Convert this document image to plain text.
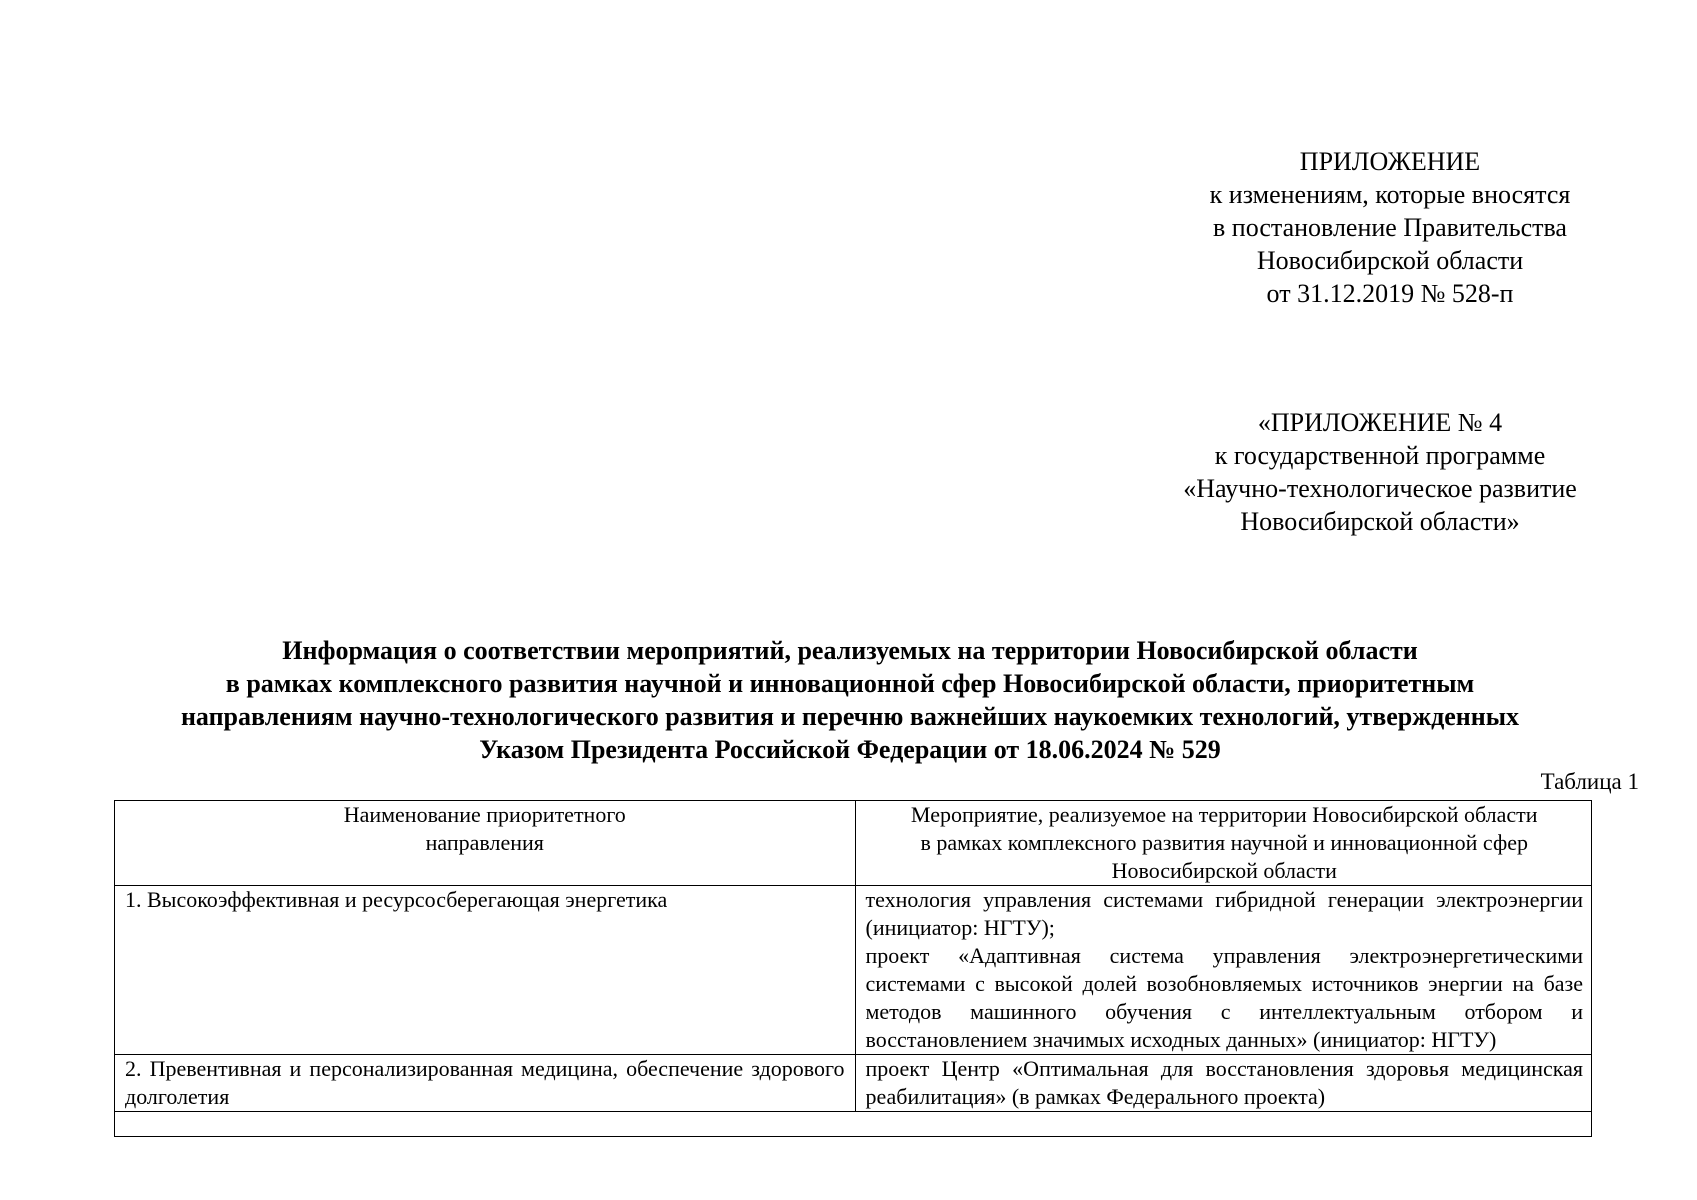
ПРИЛОЖЕНИЕ
к изменениям, которые вносятся
в постановление Правительства
Новосибирской области
от 31.12.2019 № 528-п
«ПРИЛОЖЕНИЕ № 4
к государственной программе
«Научно-технологическое развитие
Новосибирской области»
Информация о соответствии мероприятий, реализуемых на территории Новосибирской области
в рамках комплексного развития научной и инновационной сфер Новосибирской области, приоритетным
направлениям научно-технологического развития и перечню важнейших наукоемких технологий, утвержденных
Указом Президента Российской Федерации от 18.06.2024 № 529
Таблица 1
Наименование приоритетного
направления	Мероприятие, реализуемое на территории Новосибирской области
в рамках комплексного развития научной и инновационной сфер
Новосибирской области

1. Высокоэффективная и ресурсосберегающая энергетика	технология управления системами гибридной генерации электроэнергии (инициатор: НГТУ);
проект «Адаптивная система управления электроэнергетическими системами с высокой долей возобновляемых источников энергии на базе методов машинного обучения с интеллектуальным отбором и восстановлением значимых исходных данных» (инициатор: НГТУ)

2. Превентивная и персонализированная медицина, обеспечение здорового долголетия	проект Центр «Оптимальная для восстановления здоровья медицинская реабилитация» (в рамках Федерального проекта)
